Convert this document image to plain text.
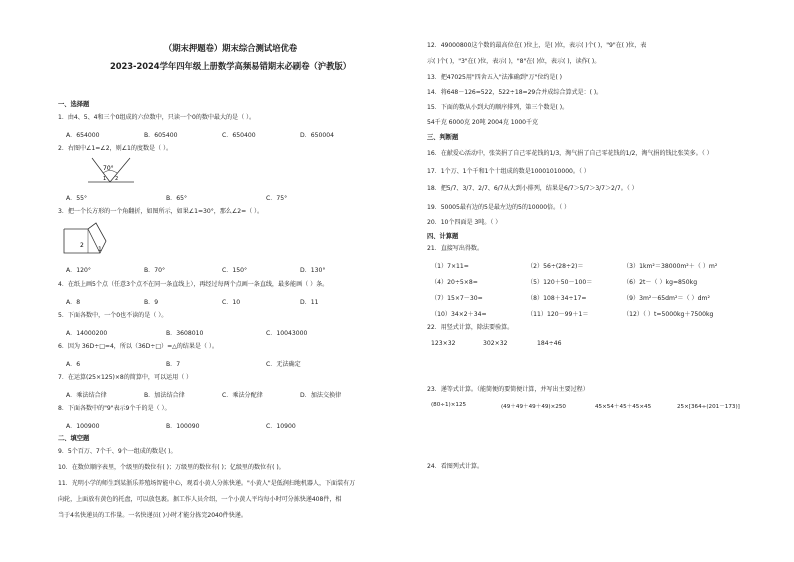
（期末押题卷）期末综合测试培优卷
2023-2024学年四年级上册数学高频易错期末必刷卷（沪教版）
一、选择题
1．由4、5、4和三个0组成的六位数中，只读一个0的数中最大的是（ ）。
A．654000	B．605400	C．650400	D．650004
2．右图中∠1=∠2，则∠1的度数是（ ）。
70°
1 2
A．55°	B．65°	C．75°
3．把一个长方形的一个角翻折，如图所示，如果∠1=30°，那么∠2=（ ）。
2
1
A．120°	B．70°	C．150°	D．130°
4．在纸上画5个点（任意3个点不在同一条直线上），再经过每两个点画一条直线，最多能画（ ）条。
A．8	B．9	C．10	D．11
5．下面各数中，一个0也不读的是（ ）。
A．14000200	B．3608010	C．10043000
6．因为 36D÷□=4，所以（36D÷□）=△的结果是（ ）。
A．6	B．7	C．无法确定
7．在运算(25×125)×8的简算中，可以运用（ ）
A．乘法结合律	B．加法结合律	C．乘法分配律	D．加法交换律
8．下面各数中的"9"表示9个千的是（ ）。
A．100900	B．100090	C．10900
二、填空题
9．5个百万、7个千、9个一组成的数是( )。
10．在数位顺序表里，个级里的数位有( )；万级里的数位有( )；亿级里的数位有( )。
11．光明小学的师生到某浙乐养殖场智能中心，观看小黄人分拣快递。"小黄人"是低润扫地机器人，下面装有万
向轮，上面放有黄色的托盘，可以放包裹。据工作人员介绍，一个小黄人平均每小时可分拣快递408件，相
当于4名快递员的工作量。一名快递员( )小时才能分拣完2040件快递。
12．49000800这个数的最高位在( )位上，是( )位，表示( )个( )，"9"在( )位，表
示( )个( )，"3"在( )位，表示( )，"8"在( )位，表示( )，读作( )。
13．把47025用"四舍五入"法准确到"万"位约是( )
14．将648－126=522，522÷18=29合并成综合算式是：( )。
15．下面的数从小到大的顺序排列，第三个数是( )。
54千克 6000克 20吨 2004克 1000千克
三、判断题
16．在献爱心活动中，张笑捐了自己零花钱的1/3，淘气捐了自己零花钱的1/2，淘气捐的钱比张笑多。（ ）
17．1个万、1个千和1个十组成的数是10001010000。（ ）
18．把5/7、3/7、2/7、6/7从大到小排列，结果是6/7＞5/7＞3/7＞2/7。（ ）
19．50005最有边的5是最左边的5的10000倍。（ ）
20．10个四面是 3吨。（ ）
四、计算题
21．直接写出得数。
（1）7×11=	（2）56÷(28÷2)＝	（3）1km²＝38000m²＋（ ）m²
（4）20÷5×8=	（5）120＋50－100＝	（6）2t－（ ）kg=850kg
（7）15×7－30=	（8）108＋34÷17=	（9）3m²－65dm²＝（ ）dm²
（10）34×2＋34=	（11）120－99＋1＝	（12）（ ）t=5000kg＋7500kg
22．用竖式计算，除法要验算。
123×32	302×32	184÷46
23．递等式计算。（能简便的要简便计算，并写出主要过程）
(80÷1)×125	(49＋49＋49＋49)×250	45×54＋45＋45×45	25×[364÷(201－173)]
24．看图列式计算。
